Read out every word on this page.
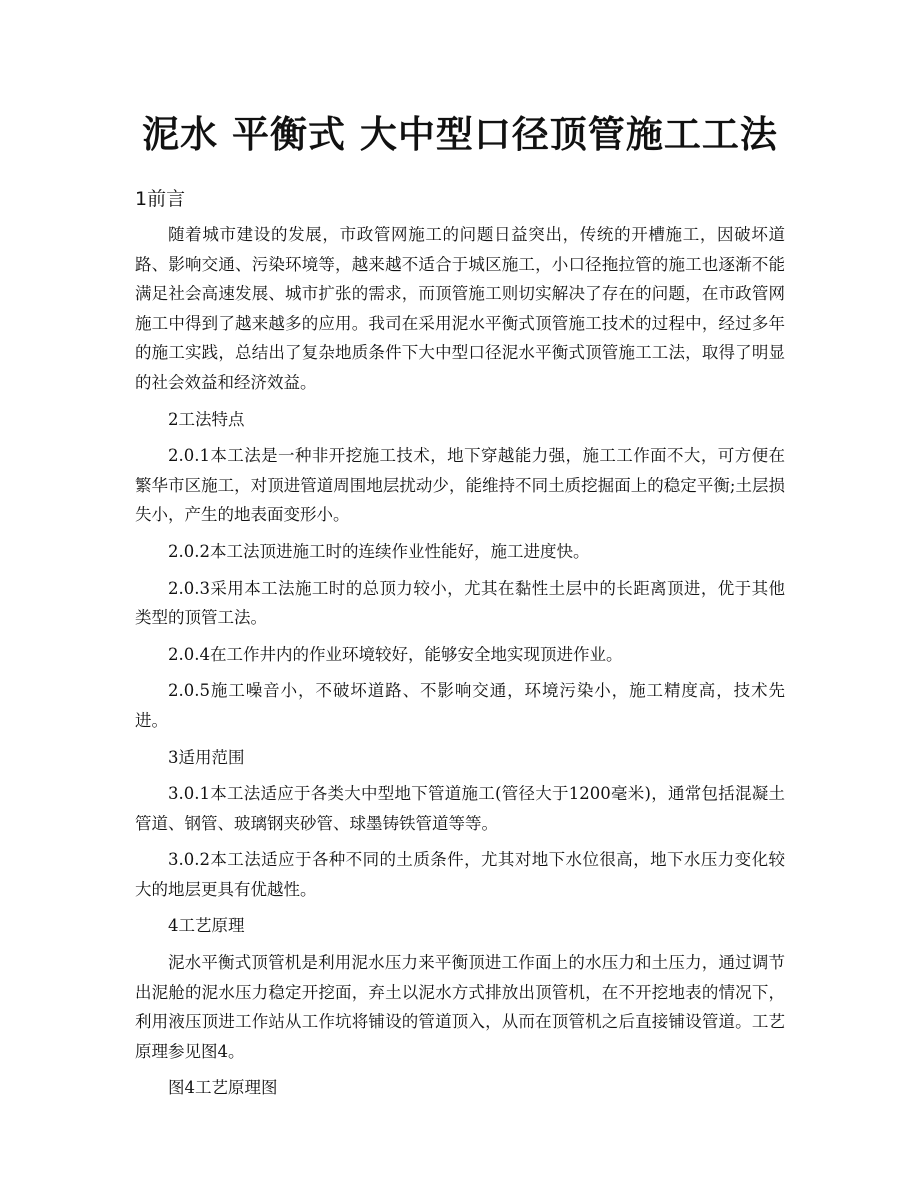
泥水 平衡式 大中型口径顶管施工工法
1前言

随着城市建设的发展，市政管网施工的问题日益突出，传统的开槽施工，因破坏道路、影响交通、污染环境等，越来越不适合于城区施工，小口径拖拉管的施工也逐渐不能满足社会高速发展、城市扩张的需求，而顶管施工则切实解决了存在的问题，在市政管网施工中得到了越来越多的应用。我司在采用泥水平衡式顶管施工技术的过程中，经过多年的施工实践，总结出了复杂地质条件下大中型口径泥水平衡式顶管施工工法，取得了明显的社会效益和经济效益。

2工法特点

2.0.1本工法是一种非开挖施工技术，地下穿越能力强，施工工作面不大，可方便在繁华市区施工，对顶进管道周围地层扰动少，能维持不同土质挖掘面上的稳定平衡;土层损失小，产生的地表面变形小。

2.0.2本工法顶进施工时的连续作业性能好，施工进度快。

2.0.3采用本工法施工时的总顶力较小，尤其在黏性土层中的长距离顶进，优于其他类型的顶管工法。

2.0.4在工作井内的作业环境较好，能够安全地实现顶进作业。

2.0.5施工噪音小，不破坏道路、不影响交通，环境污染小，施工精度高，技术先进。

3适用范围

3.0.1本工法适应于各类大中型地下管道施工(管径大于1200毫米)，通常包括混凝土管道、钢管、玻璃钢夹砂管、球墨铸铁管道等等。

3.0.2本工法适应于各种不同的土质条件，尤其对地下水位很高，地下水压力变化较大的地层更具有优越性。

4工艺原理

泥水平衡式顶管机是利用泥水压力来平衡顶进工作面上的水压力和土压力，通过调节出泥舱的泥水压力稳定开挖面，弃土以泥水方式排放出顶管机，在不开挖地表的情况下，利用液压顶进工作站从工作坑将铺设的管道顶入，从而在顶管机之后直接铺设管道。工艺原理参见图4。

图4工艺原理图
